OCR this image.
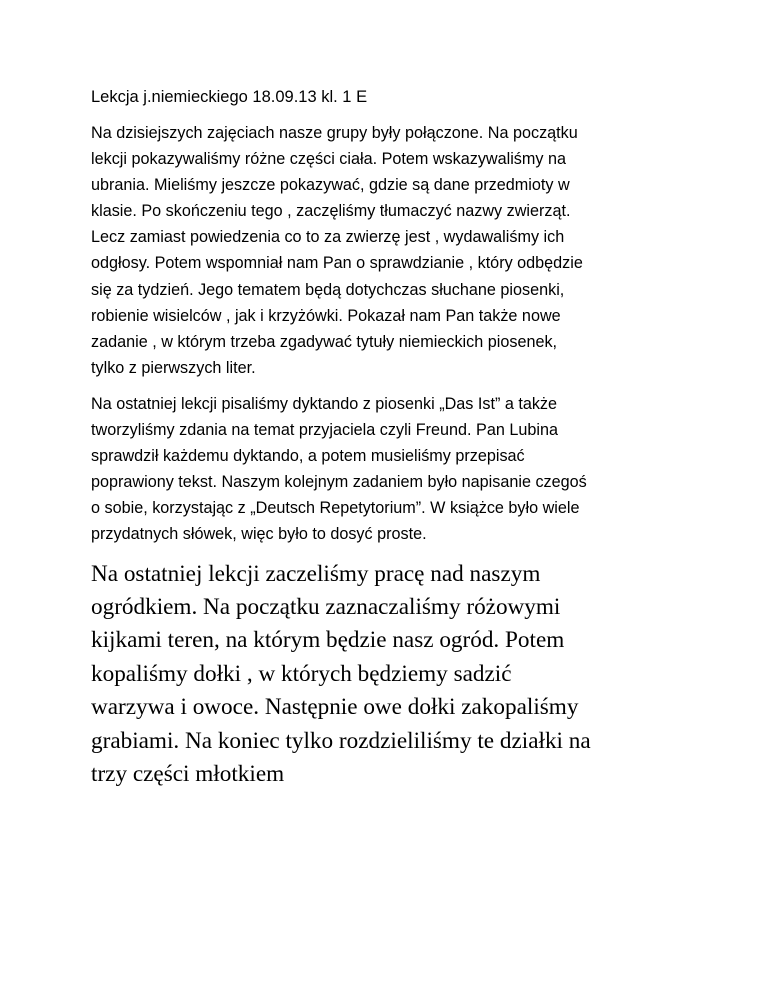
Lekcja j.niemieckiego 18.09.13 kl. 1 E
Na dzisiejszych zajęciach nasze grupy były połączone. Na początku
lekcji pokazywaliśmy różne części ciała. Potem wskazywaliśmy na
ubrania. Mieliśmy jeszcze pokazywać, gdzie są dane przedmioty w
klasie. Po skończeniu tego , zaczęliśmy tłumaczyć nazwy zwierząt.
Lecz zamiast powiedzenia co to za zwierzę jest , wydawaliśmy ich
odgłosy. Potem wspomniał nam Pan o sprawdzianie , który odbędzie
się za tydzień. Jego tematem będą dotychczas słuchane piosenki,
robienie wisielców , jak i krzyżówki. Pokazał nam Pan także nowe
zadanie , w którym trzeba zgadywać tytuły niemieckich piosenek,
tylko z pierwszych liter.
Na ostatniej lekcji pisaliśmy dyktando z piosenki „Das Ist” a także
tworzyliśmy zdania na temat przyjaciela czyli Freund. Pan Lubina
sprawdził każdemu dyktando, a potem musieliśmy przepisać
poprawiony tekst. Naszym kolejnym zadaniem było napisanie czegoś
o sobie, korzystając z „Deutsch Repetytorium”. W książce było wiele
przydatnych słówek, więc było to dosyć proste.
Na ostatniej lekcji zaczeliśmy pracę nad naszym
ogródkiem. Na początku zaznaczaliśmy różowymi
kijkami teren, na którym będzie nasz ogród. Potem
kopaliśmy dołki , w których będziemy sadzić
warzywa i owoce. Następnie owe dołki zakopaliśmy
grabiami. Na koniec tylko rozdzieliliśmy te działki na
trzy części młotkiem
